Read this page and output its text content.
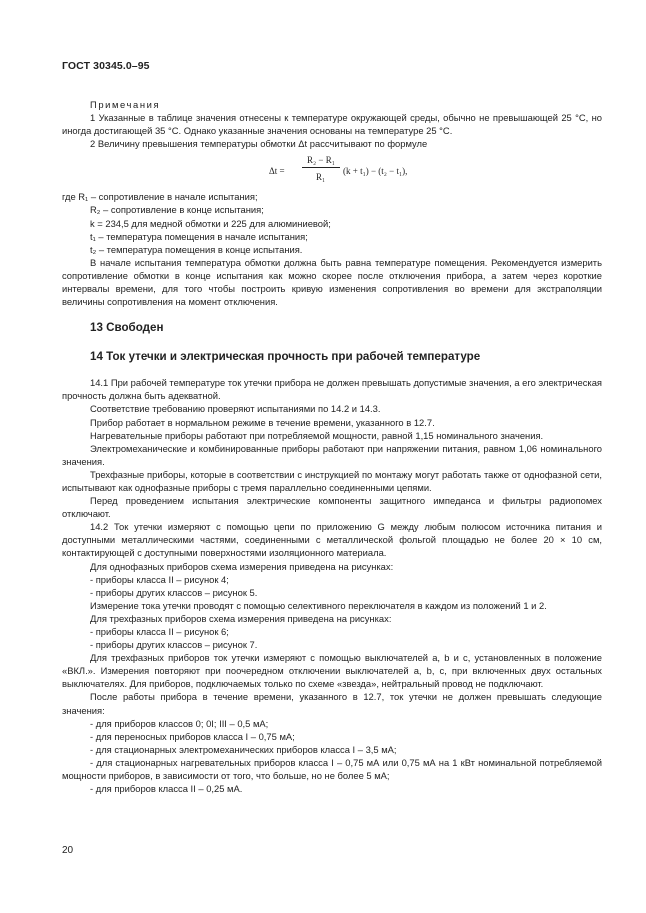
ГОСТ 30345.0–95

Примечания

1 Указанные в таблице значения отнесены к температуре окружающей среды, обычно не превышающей 25 °С, но иногда достигающей 35 °С. Однако указанные значения основаны на температуре 25 °С.

2 Величину превышения температуры обмотки Δt рассчитывают по формуле

Δt =
R₂ − R₁
R₁
(k + t₁) − (t₂ − t₁),

где R₁ – сопротивление в начале испытания;

R₂ – сопротивление в конце испытания;

k = 234,5 для медной обмотки и 225 для алюминиевой;

t₁ – температура помещения в начале испытания;

t₂ – температура помещения в конце испытания.

В начале испытания температура обмотки должна быть равна температуре помещения. Рекомендуется измерить сопротивление обмотки в конце испытания как можно скорее после отключения прибора, а затем через короткие интервалы времени, для того чтобы построить кривую изменения сопротивления во времени для экстраполяции величины сопротивления на момент отключения.

13 Свободен

14 Ток утечки и электрическая прочность при рабочей температуре

14.1 При рабочей температуре ток утечки прибора не должен превышать допустимые значения, а его электрическая прочность должна быть адекватной.

Соответствие требованию проверяют испытаниями по 14.2 и 14.3.

Прибор работает в нормальном режиме в течение времени, указанного в 12.7.

Нагревательные приборы работают при потребляемой мощности, равной 1,15 номинального значения.

Электромеханические и комбинированные приборы работают при напряжении питания, равном 1,06 номинального значения.

Трехфазные приборы, которые в соответствии с инструкцией по монтажу могут работать также от однофазной сети, испытывают как однофазные приборы с тремя параллельно соединенными цепями.

Перед проведением испытания электрические компоненты защитного импеданса и фильтры радиопомех отключают.

14.2 Ток утечки измеряют с помощью цепи по приложению G между любым полюсом источника питания и доступными металлическими частями, соединенными с металлической фольгой площадью не более 20 × 10 см, контактирующей с доступными поверхностями изоляционного материала.

Для однофазных приборов схема измерения приведена на рисунках:

- приборы класса II – рисунок 4;

- приборы других классов – рисунок 5.

Измерение тока утечки проводят с помощью селективного переключателя в каждом из положений 1 и 2.

Для трехфазных приборов схема измерения приведена на рисунках:

- приборы класса II – рисунок 6;

- приборы других классов – рисунок 7.

Для трехфазных приборов ток утечки измеряют с помощью выключателей a, b и c, установленных в положение «ВКЛ.». Измерения повторяют при поочередном отключении выключателей a, b, c, при включенных двух остальных выключателях. Для приборов, подключаемых только по схеме «звезда», нейтральный провод не подключают.

После работы прибора в течение времени, указанного в 12.7, ток утечки не должен превышать следующие значения:

- для приборов классов 0; 0I; III – 0,5 мА;

- для переносных приборов класса I – 0,75 мА;

- для стационарных электромеханических приборов класса I – 3,5 мА;

- для стационарных нагревательных приборов класса I – 0,75 мА или 0,75 мА на 1 кВт номинальной потребляемой мощности приборов, в зависимости от того, что больше, но не более 5 мА;

- для приборов класса II – 0,25 мА.

20
